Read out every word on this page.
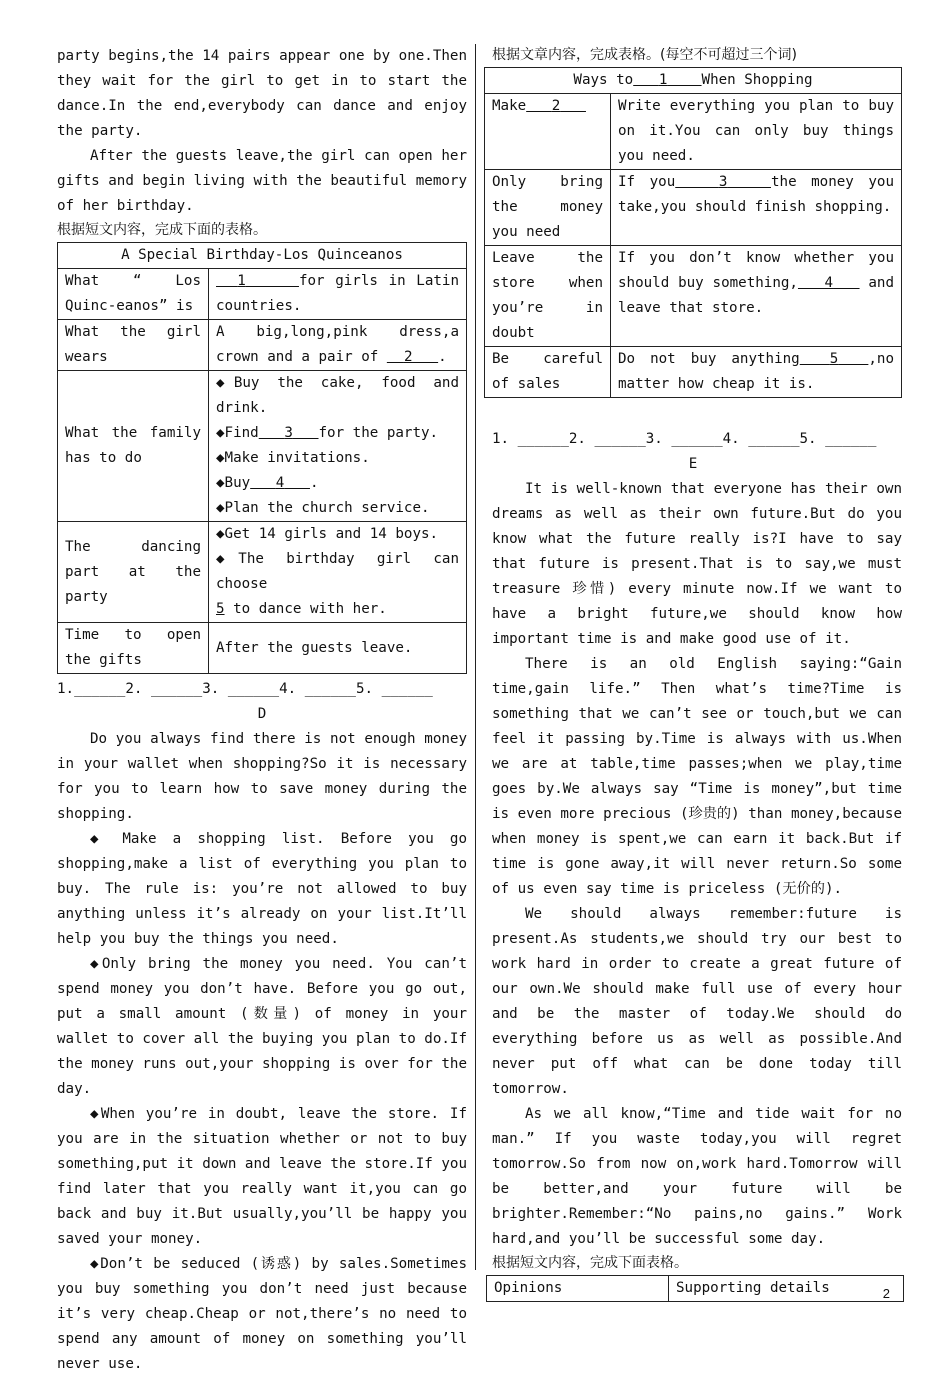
party begins,the 14 pairs appear one by one.Then they wait for the girl to get in to start the dance.In the end,everybody can dance and enjoy the party.

After the guests leave,the girl can open her gifts and begin living with the beautiful memory of her birthday.

根据短文内容，完成下面的表格。

A Special Birthday-Los Quinceanos	
What “ Los Quinc-eanos” is	1 for girls in Latin countries.
What the girl wears	A big,long,pink dress,a crown and a pair of 2 .
What the family has to do	◆Buy the cake, food and drink.
◆Find 3 for the party.
◆Make invitations.
◆Buy 4 .
◆Plan the church service.

The dancing part at the party	◆Get 14 girls and 14 boys.
◆The birthday girl can choose
5 to dance with her.

Time to open the gifts	After the guests leave.
1.______2. ______3. ______4. ______5. ______
D

Do you always find there is not enough money in your wallet when shopping?So it is necessary for you to learn how to save money during the shopping.

◆ Make a shopping list. Before you go shopping,make a list of everything you plan to buy. The rule is: you’re not allowed to buy anything unless it’s already on your list.It’ll help you buy the things you need.

◆Only bring the money you need. You can’t spend money you don’t have. Before you go out, put a small amount (数量) of money in your wallet to cover all the buying you plan to do.If the money runs out,your shopping is over for the day.

◆When you’re in doubt, leave the store. If you are in the situation whether or not to buy something,put it down and leave the store.If you find later that you really want it,you can go back and buy it.But usually,you’ll be happy you saved your money.

◆Don’t be seduced (诱惑) by sales.Sometimes you buy something you don’t need just because it’s very cheap.Cheap or not,there’s no need to spend any amount of money on something you’ll never use.

根据文章内容，完成表格。(每空不可超过三个词)

Ways to 1 When Shopping	
Make 2	Write everything you plan to buy on it.You can only buy things you need.
Only bring the money you need	If you 3 the money you take,you should finish shopping.
Leave the store when you’re in doubt	If you don’t know whether you should buy something, 4 and leave that store.
Be careful of sales	Do not buy anything 5 ,no matter how cheap it is.
1. ______2. ______3. ______4. ______5. ______
E

It is well-known that everyone has their own dreams as well as their own future.But do you know what the future really is?I have to say that future is present.That is to say,we must treasure 珍惜) every minute now.If we want to have a bright future,we should know how important time is and make good use of it.

There is an old English saying:“Gain time,gain life.” Then what’s time?Time is something that we can’t see or touch,but we can feel it passing by.Time is always with us.When we are at table,time passes;when we play,time goes by.We always say “Time is money”,but time is even more precious (珍贵的) than money,because when money is spent,we can earn it back.But if time is gone away,it will never return.So some of us even say time is priceless (无价的).

We should always remember:future is present.As students,we should try our best to work hard in order to create a great future of our own.We should make full use of every hour and be the master of today.We should do everything before us as well as possible.And never put off what can be done today till tomorrow.

As we all know,“Time and tide wait for no man.” If you waste today,you will regret tomorrow.So from now on,work hard.Tomorrow will be better,and your future will be brighter.Remember:“No pains,no gains.” Work hard,and you’ll be successful some day.

根据短文内容，完成下面表格。

Opinions	Supporting details	2
